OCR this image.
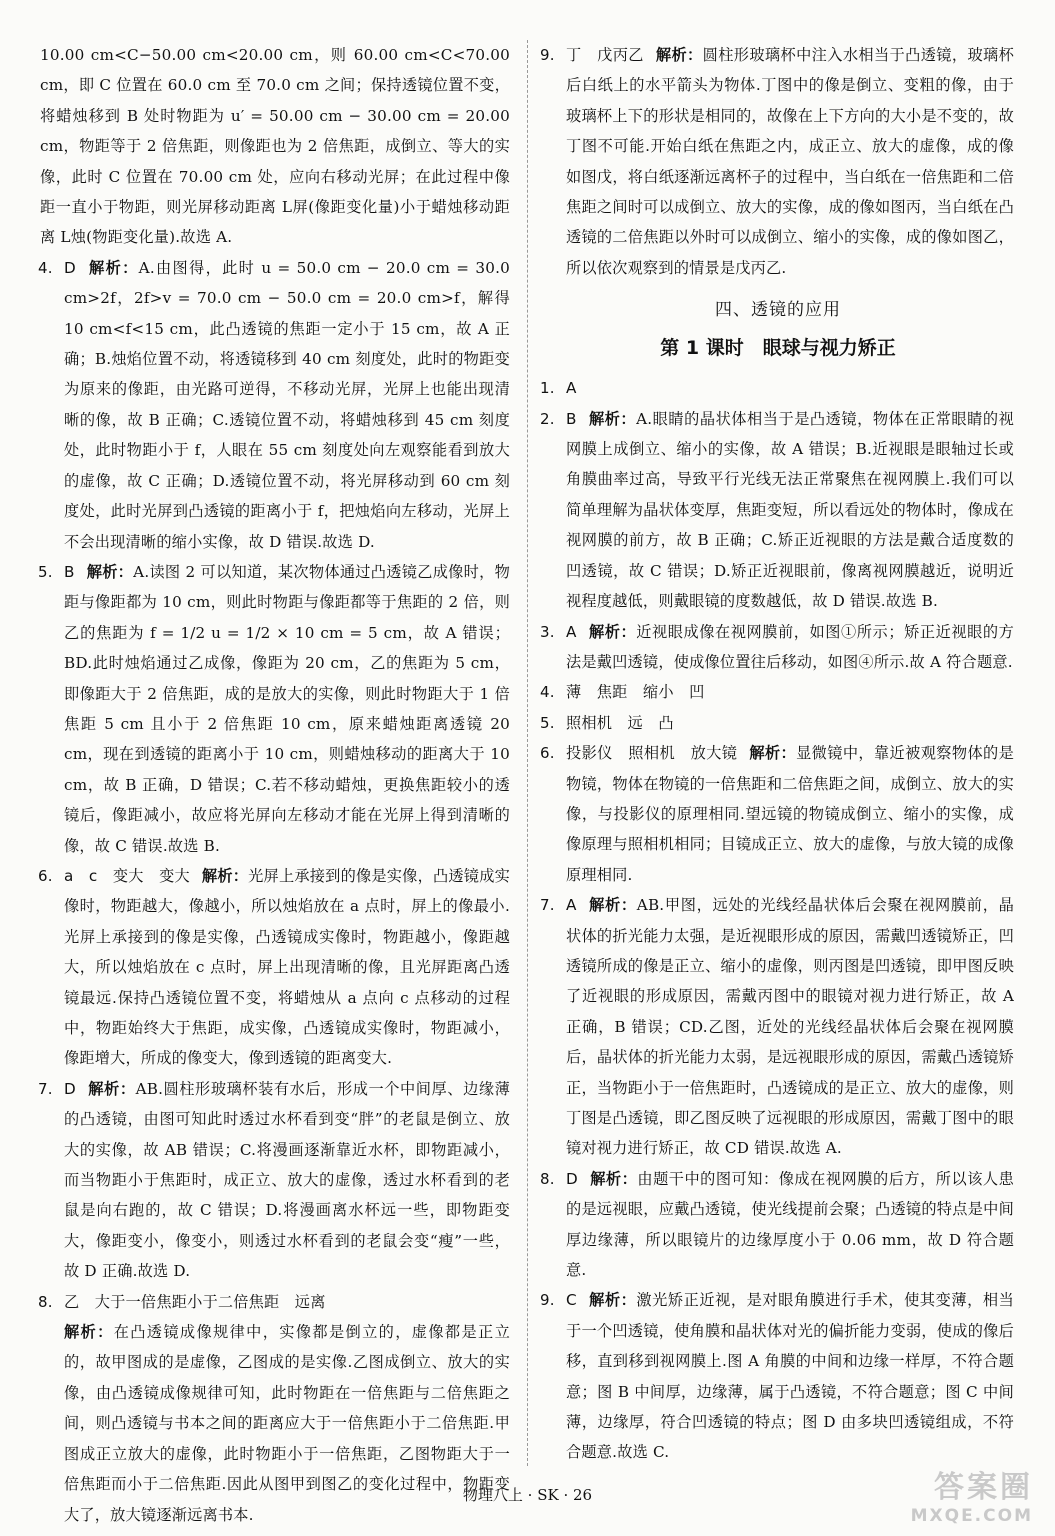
10.00 cm<C−50.00 cm<20.00 cm，则 60.00 cm<C<70.00 cm，即 C 位置在 60.0 cm 至 70.0 cm 之间；保持透镜位置不变，将蜡烛移到 B 处时物距为 u′ = 50.00 cm − 30.00 cm = 20.00 cm，物距等于 2 倍焦距，则像距也为 2 倍焦距，成倒立、等大的实像，此时 C 位置在 70.00 cm 处，应向右移动光屏；在此过程中像距一直小于物距，则光屏移动距离 L屏(像距变化量)小于蜡烛移动距离 L烛(物距变化量).故选 A.

4. D 解析：A.由图得，此时 u = 50.0 cm − 20.0 cm = 30.0 cm>2f，2f>v = 70.0 cm − 50.0 cm = 20.0 cm>f，解得 10 cm<f<15 cm，此凸透镜的焦距一定小于 15 cm，故 A 正确；B.烛焰位置不动，将透镜移到 40 cm 刻度处，此时的物距变为原来的像距，由光路可逆得，不移动光屏，光屏上也能出现清晰的像，故 B 正确；C.透镜位置不动，将蜡烛移到 45 cm 刻度处，此时物距小于 f，人眼在 55 cm 刻度处向左观察能看到放大的虚像，故 C 正确；D.透镜位置不动，将光屏移动到 60 cm 刻度处，此时光屏到凸透镜的距离小于 f，把烛焰向左移动，光屏上不会出现清晰的缩小实像，故 D 错误.故选 D.
5. B 解析：A.读图 2 可以知道，某次物体通过凸透镜乙成像时，物距与像距都为 10 cm，则此时物距与像距都等于焦距的 2 倍，则乙的焦距为 f = 1/2 u = 1/2 × 10 cm = 5 cm，故 A 错误；BD.此时烛焰通过乙成像，像距为 20 cm，乙的焦距为 5 cm，即像距大于 2 倍焦距，成的是放大的实像，则此时物距大于 1 倍焦距 5 cm 且小于 2 倍焦距 10 cm，原来蜡烛距离透镜 20 cm，现在到透镜的距离小于 10 cm，则蜡烛移动的距离大于 10 cm，故 B 正确，D 错误；C.若不移动蜡烛，更换焦距较小的透镜后，像距减小，故应将光屏向左移动才能在光屏上得到清晰的像，故 C 错误.故选 B.
6. a　c　变大　变大 解析：光屏上承接到的像是实像，凸透镜成实像时，物距越大，像越小，所以烛焰放在 a 点时，屏上的像最小.光屏上承接到的像是实像，凸透镜成实像时，物距越小，像距越大，所以烛焰放在 c 点时，屏上出现清晰的像，且光屏距离凸透镜最远.保持凸透镜位置不变，将蜡烛从 a 点向 c 点移动的过程中，物距始终大于焦距，成实像，凸透镜成实像时，物距减小，像距增大，所成的像变大，像到透镜的距离变大.
7. D 解析：AB.圆柱形玻璃杯装有水后，形成一个中间厚、边缘薄的凸透镜，由图可知此时透过水杯看到变“胖”的老鼠是倒立、放大的实像，故 AB 错误；C.将漫画逐渐靠近水杯，即物距减小，而当物距小于焦距时，成正立、放大的虚像，透过水杯看到的老鼠是向右跑的，故 C 错误；D.将漫画离水杯远一些，即物距变大，像距变小，像变小，则透过水杯看到的老鼠会变“瘦”一些，故 D 正确.故选 D.
8. 乙　大于一倍焦距小于二倍焦距　远离
解析：在凸透镜成像规律中，实像都是倒立的，虚像都是正立的，故甲图成的是虚像，乙图成的是实像.乙图成倒立、放大的实像，由凸透镜成像规律可知，此时物距在一倍焦距与二倍焦距之间，则凸透镜与书本之间的距离应大于一倍焦距小于二倍焦距.甲图成正立放大的虚像，此时物距小于一倍焦距，乙图物距大于一倍焦距而小于二倍焦距.因此从图甲到图乙的变化过程中，物距变大了，放大镜逐渐远离书本.
9. 丁　戊丙乙 解析：圆柱形玻璃杯中注入水相当于凸透镜，玻璃杯后白纸上的水平箭头为物体.丁图中的像是倒立、变粗的像，由于玻璃杯上下的形状是相同的，故像在上下方向的大小是不变的，故丁图不可能.开始白纸在焦距之内，成正立、放大的虚像，成的像如图戊，将白纸逐渐远离杯子的过程中，当白纸在一倍焦距和二倍焦距之间时可以成倒立、放大的实像，成的像如图丙，当白纸在凸透镜的二倍焦距以外时可以成倒立、缩小的实像，成的像如图乙，所以依次观察到的情景是戊丙乙.
四、透镜的应用
第 1 课时　眼球与视力矫正
1. A
2. B 解析：A.眼睛的晶状体相当于是凸透镜，物体在正常眼睛的视网膜上成倒立、缩小的实像，故 A 错误；B.近视眼是眼轴过长或角膜曲率过高，导致平行光线无法正常聚焦在视网膜上.我们可以简单理解为晶状体变厚，焦距变短，所以看远处的物体时，像成在视网膜的前方，故 B 正确；C.矫正近视眼的方法是戴合适度数的凹透镜，故 C 错误；D.矫正近视眼前，像离视网膜越近，说明近视程度越低，则戴眼镜的度数越低，故 D 错误.故选 B.
3. A 解析：近视眼成像在视网膜前，如图①所示；矫正近视眼的方法是戴凹透镜，使成像位置往后移动，如图④所示.故 A 符合题意.
4. 薄　焦距　缩小　凹
5. 照相机　远　凸
6. 投影仪　照相机　放大镜 解析：显微镜中，靠近被观察物体的是物镜，物体在物镜的一倍焦距和二倍焦距之间，成倒立、放大的实像，与投影仪的原理相同.望远镜的物镜成倒立、缩小的实像，成像原理与照相机相同；目镜成正立、放大的虚像，与放大镜的成像原理相同.
7. A 解析：AB.甲图，远处的光线经晶状体后会聚在视网膜前，晶状体的折光能力太强，是近视眼形成的原因，需戴凹透镜矫正，凹透镜所成的像是正立、缩小的虚像，则丙图是凹透镜，即甲图反映了近视眼的形成原因，需戴丙图中的眼镜对视力进行矫正，故 A 正确，B 错误；CD.乙图，近处的光线经晶状体后会聚在视网膜后，晶状体的折光能力太弱，是远视眼形成的原因，需戴凸透镜矫正，当物距小于一倍焦距时，凸透镜成的是正立、放大的虚像，则丁图是凸透镜，即乙图反映了远视眼的形成原因，需戴丁图中的眼镜对视力进行矫正，故 CD 错误.故选 A.
8. D 解析：由题干中的图可知：像成在视网膜的后方，所以该人患的是远视眼，应戴凸透镜，使光线提前会聚；凸透镜的特点是中间厚边缘薄，所以眼镜片的边缘厚度小于 0.06 mm，故 D 符合题意.
9. C 解析：激光矫正近视，是对眼角膜进行手术，使其变薄，相当于一个凹透镜，使角膜和晶状体对光的偏折能力变弱，使成的像后移，直到移到视网膜上.图 A 角膜的中间和边缘一样厚，不符合题意；图 B 中间厚，边缘薄，属于凸透镜，不符合题意；图 C 中间薄，边缘厚，符合凹透镜的特点；图 D 由多块凹透镜组成，不符合题意.故选 C.
物理八上 · SK · 26	答案圈
MXQE.COM
